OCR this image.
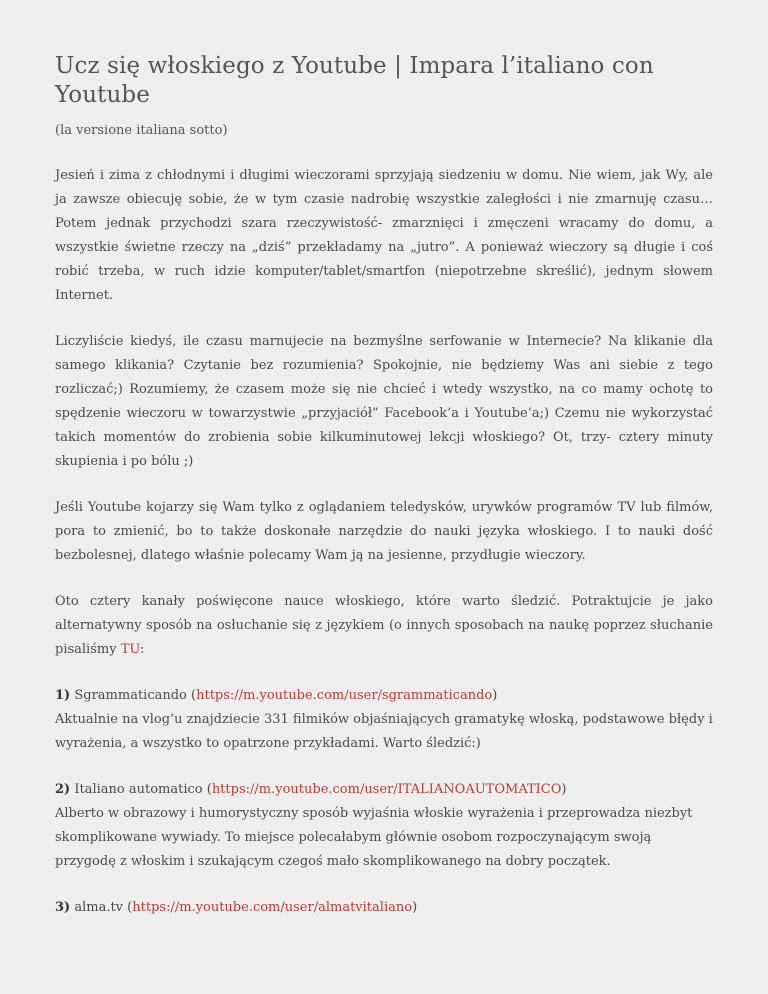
Ucz się włoskiego z Youtube | Impara l’italiano con Youtube
(la versione italiana sotto)

Jesień i zima z chłodnymi i długimi wieczorami sprzyjają siedzeniu w domu. Nie wiem, jak Wy, ale ja zawsze obiecuję sobie, że w tym czasie nadrobię wszystkie zaległości i nie zmarnuję czasu… Potem jednak przychodzi szara rzeczywistość- zmarznięci i zmęczeni wracamy do domu, a wszystkie świetne rzeczy na „dziś” przekładamy na „jutro”. A ponieważ wieczory są długie i coś robić trzeba, w ruch idzie komputer/tablet/smartfon (niepotrzebne skreślić), jednym słowem Internet.

Liczyliście kiedyś, ile czasu marnujecie na bezmyślne serfowanie w Internecie? Na klikanie dla samego klikania? Czytanie bez rozumienia? Spokojnie, nie będziemy Was ani siebie z tego rozliczać;) Rozumiemy, że czasem może się nie chcieć i wtedy wszystko, na co mamy ochotę to spędzenie wieczoru w towarzystwie „przyjaciół” Facebook’a i Youtube’a;) Czemu nie wykorzystać takich momentów do zrobienia sobie kilkuminutowej lekcji włoskiego? Ot, trzy- cztery minuty skupienia i po bólu ;)

Jeśli Youtube kojarzy się Wam tylko z oglądaniem teledysków, urywków programów TV lub filmów, pora to zmienić, bo to także doskonałe narzędzie do nauki języka włoskiego. I to nauki dość bezbolesnej, dlatego właśnie polecamy Wam ją na jesienne, przydługie wieczory.

Oto cztery kanały poświęcone nauce włoskiego, które warto śledzić. Potraktujcie je jako alternatywny sposób na osłuchanie się z językiem (o innych sposobach na naukę poprzez słuchanie pisaliśmy TU:

1) Sgrammaticando (https://m.youtube.com/user/sgrammaticando)

Aktualnie na vlog’u znajdziecie 331 filmików objaśniających gramatykę włoską, podstawowe błędy i wyrażenia, a wszystko to opatrzone przykładami. Warto śledzić:)

2) Italiano automatico (https://m.youtube.com/user/ITALIANOAUTOMATICO)

Alberto w obrazowy i humorystyczny sposób wyjaśnia włoskie wyrażenia i przeprowadza niezbyt skomplikowane wywiady. To miejsce polecałabym głównie osobom rozpoczynającym swoją przygodę z włoskim i szukającym czegoś mało skomplikowanego na dobry początek.

3) alma.tv (https://m.youtube.com/user/almatvitaliano)
